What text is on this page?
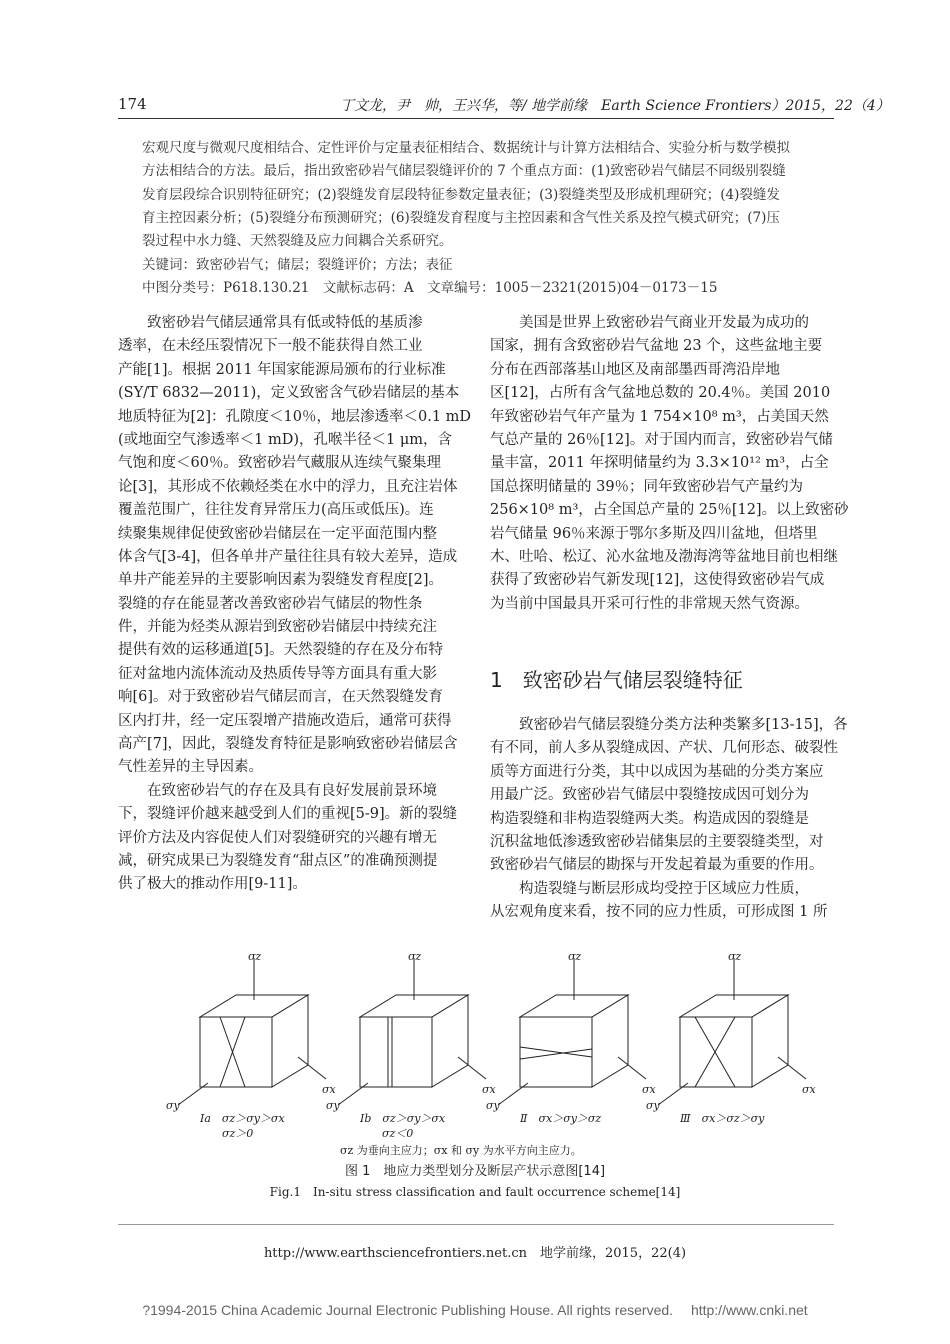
174	丁文龙，尹　帅，王兴华，等/ 地学前缘　Earth Science Frontiers）2015，22（4）
宏观尺度与微观尺度相结合、定性评价与定量表征相结合、数据统计与计算方法相结合、实验分析与数学模拟
方法相结合的方法。最后，指出致密砂岩气储层裂缝评价的 7 个重点方面：(1)致密砂岩气储层不同级别裂缝
发育层段综合识别特征研究；(2)裂缝发育层段特征参数定量表征；(3)裂缝类型及形成机理研究；(4)裂缝发
育主控因素分析；(5)裂缝分布预测研究；(6)裂缝发育程度与主控因素和含气性关系及控气模式研究；(7)压
裂过程中水力缝、天然裂缝及应力间耦合关系研究。
关键词：致密砂岩气；储层；裂缝评价；方法；表征
中图分类号：P618.130.21　文献标志码：A　文章编号：1005－2321(2015)04－0173－15
　　致密砂岩气储层通常具有低或特低的基质渗
透率，在未经压裂情况下一般不能获得自然工业
产能[1]。根据 2011 年国家能源局颁布的行业标准
(SY/T 6832—2011)，定义致密含气砂岩储层的基本
地质特征为[2]：孔隙度＜10％，地层渗透率＜0.1 mD
(或地面空气渗透率＜1 mD)，孔喉半径＜1 μm，含
气饱和度＜60％。致密砂岩气藏服从连续气聚集理
论[3]，其形成不依赖烃类在水中的浮力，且充注岩体
覆盖范围广，往往发育异常压力(高压或低压)。连
续聚集规律促使致密砂岩储层在一定平面范围内整
体含气[3-4]，但各单井产量往往具有较大差异，造成
单井产能差异的主要影响因素为裂缝发育程度[2]。
裂缝的存在能显著改善致密砂岩气储层的物性条
件，并能为烃类从源岩到致密砂岩储层中持续充注
提供有效的运移通道[5]。天然裂缝的存在及分布特
征对盆地内流体流动及热质传导等方面具有重大影
响[6]。对于致密砂岩气储层而言，在天然裂缝发育
区内打井，经一定压裂增产措施改造后，通常可获得
高产[7]，因此，裂缝发育特征是影响致密砂岩储层含
气性差异的主导因素。
　　在致密砂岩气的存在及具有良好发展前景环境
下，裂缝评价越来越受到人们的重视[5-9]。新的裂缝
评价方法及内容促使人们对裂缝研究的兴趣有增无
减，研究成果已为裂缝发育“甜点区”的准确预测提
供了极大的推动作用[9-11]。
　　美国是世界上致密砂岩气商业开发最为成功的
国家，拥有含致密砂岩气盆地 23 个，这些盆地主要
分布在西部落基山地区及南部墨西哥湾沿岸地
区[12]，占所有含气盆地总数的 20.4％。美国 2010
年致密砂岩气年产量为 1 754×10⁸ m³，占美国天然
气总产量的 26％[12]。对于国内而言，致密砂岩气储
量丰富，2011 年探明储量约为 3.3×10¹² m³，占全
国总探明储量的 39％；同年致密砂岩气产量约为
256×10⁸ m³，占全国总产量的 25％[12]。以上致密砂
岩气储量 96％来源于鄂尔多斯及四川盆地，但塔里
木、吐哈、松辽、沁水盆地及渤海湾等盆地目前也相继
获得了致密砂岩气新发现[12]，这使得致密砂岩气成
为当前中国最具开采可行性的非常规天然气资源。
1　致密砂岩气储层裂缝特征
　　致密砂岩气储层裂缝分类方法种类繁多[13-15]，各
有不同，前人多从裂缝成因、产状、几何形态、破裂性
质等方面进行分类，其中以成因为基础的分类方案应
用最广泛。致密砂岩气储层中裂缝按成因可划分为
构造裂缝和非构造裂缝两大类。构造成因的裂缝是
沉积盆地低渗透致密砂岩储集层的主要裂缝类型，对
致密砂岩气储层的勘探与开发起着最为重要的作用。
　　构造裂缝与断层形成均受控于区域应力性质，
从宏观角度来看，按不同的应力性质，可形成图 1 所
σz
σy
σx
Ⅰa　σz＞σy＞σx
σz＞0
σz
σy
σx
Ⅰb　σz＞σy＞σx
σz＜0
σz
σy
σx
Ⅱ　σx＞σy＞σz
σz
σy
σx
Ⅲ　σx＞σz＞σy
σz 为垂向主应力；σx 和 σy 为水平方向主应力。
图 1　地应力类型划分及断层产状示意图[14]
Fig.1　In-situ stress classification and fault occurrence scheme[14]
http://www.earthsciencefrontiers.net.cn　地学前缘，2015，22(4)
?1994-2015 China Academic Journal Electronic Publishing House. All rights reserved.　 http://www.cnki.net
